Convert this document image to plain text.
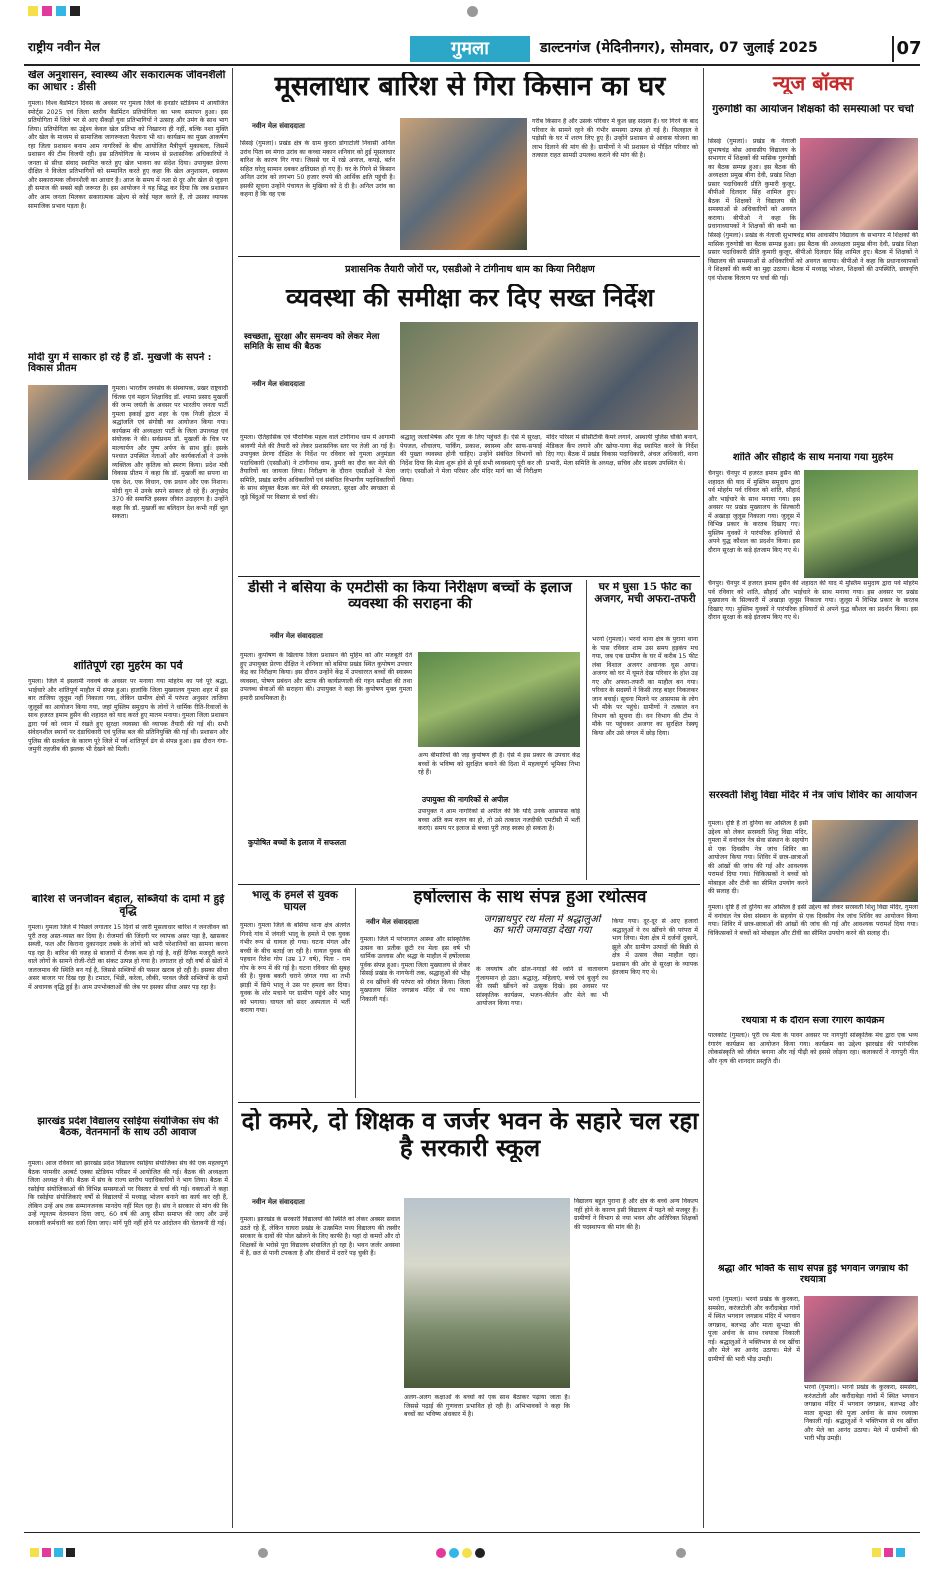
राष्ट्रीय नवीन मेल	गुमला	डाल्टनगंज (मेदिनीनगर), सोमवार, 07 जुलाई 2025	07
खेल अनुशासन, स्वास्थ्य और सकारात्मक जीवनशैली का आधार : डीसी
गुमला। विश्व बैडमिंटन दिवस के अवसर पर गुमला जिले के इनडोर स्टेडियम में आयोजित स्पोर्ट्स 2025 एवं जिला स्तरीय बैडमिंटन प्रतियोगिता का भव्य समापन हुआ। इस प्रतियोगिता में जिले भर से आए सैकड़ों युवा प्रतिभागियों ने उत्साह और उमंग के साथ भाग लिया। प्रतियोगिता का उद्देश्य केवल खेल प्रतिभा को निखारना ही नहीं, बल्कि नशा मुक्ति और खेल के माध्यम से सामाजिक जागरूकता फैलाना भी था। कार्यक्रम का मुख्य आकर्षण रहा जिला प्रशासन बनाम आम नागरिकों के बीच आयोजित मैत्रीपूर्ण मुकाबला, जिसमें प्रशासन की टीम विजयी रही। इस प्रतियोगिता के माध्यम से प्रशासनिक अधिकारियों ने जनता से सीधा संवाद स्थापित करते हुए खेल भावना का संदेश दिया। उपायुक्त प्रेरणा दीक्षित ने विजेता प्रतिभागियों को सम्मानित करते हुए कहा कि खेल अनुशासन, स्वास्थ्य और सकारात्मक जीवनशैली का आधार है। आज के समय में नशा से दूर और खेल से जुड़ना ही समाज की सबसे बड़ी जरूरत है। इस आयोजन ने यह सिद्ध कर दिया कि जब प्रशासन और आम जनता मिलकर सकारात्मक उद्देश्य से कोई पहल करते हैं, तो उसका व्यापक सामाजिक प्रभाव पड़ता है।
मोदी युग में साकार हो रहे हैं डॉ. मुखर्जी के सपने : विकास प्रीतम
गुमला। भारतीय जनसंघ के संस्थापक, प्रखर राष्ट्रवादी चिंतक एवं महान शिक्षाविद डॉ. श्यामा प्रसाद मुखर्जी की जन्म जयंती के अवसर पर भारतीय जनता पार्टी गुमला इकाई द्वारा शहर के एक निजी होटल में श्रद्धांजलि एवं संगोष्ठी का आयोजन किया गया। कार्यक्रम की अध्यक्षता पार्टी के जिला उपाध्यक्ष एवं संयोजक ने की। सर्वप्रथम डॉ. मुखर्जी के चित्र पर माल्यार्पण और पुष्प अर्पण के साथ हुई। इसके पश्चात उपस्थित नेताओं और कार्यकर्ताओं ने उनके व्यक्तित्व और कृतित्व को स्मरण किया। प्रदेश मंत्री विकास प्रीतम ने कहा कि डॉ. मुखर्जी का सपना था एक देश, एक विधान, एक प्रधान और एक निशान। मोदी युग में उनके सपने साकार हो रहे हैं। अनुच्छेद 370 की समाप्ति इसका जीवंत उदाहरण है। उन्होंने कहा कि डॉ. मुखर्जी का बलिदान देश कभी नहीं भूल सकता।
शांतिपूर्ण रहा मुहर्रम का पर्व
गुमला। जिले में इस्लामी नववर्ष के अवसर पर मनाया गया मोहर्रम का पर्व पूरे श्रद्धा, भाईचारे और शांतिपूर्ण माहौल में संपन्न हुआ। हालांकि जिला मुख्यालय गुमला शहर में इस बार ताजिया जुलूस नहीं निकाला गया, लेकिन ग्रामीण क्षेत्रों में परंपरा अनुसार ताजिया जुलूसों का आयोजन किया गया, जहां मुस्लिम समुदाय के लोगों ने धार्मिक रीति-रिवाजों के साथ हजरत इमाम हुसैन की शहादत को याद करते हुए मातम मनाया। गुमला जिला प्रशासन द्वारा पर्व को ध्यान में रखते हुए सुरक्षा व्यवस्था की व्यापक तैयारी की गई थी। सभी संवेदनशील स्थानों पर दंडाधिकारी एवं पुलिस बल की प्रतिनियुक्ति की गई थी। प्रशासन और पुलिस की सतर्कता के कारण पूरे जिले में पर्व शांतिपूर्ण ढंग से संपन्न हुआ। इस दौरान गंगा-जमुनी तहजीब की झलक भी देखने को मिली।
बारिश से जनजीवन बेहाल, सब्जियों के दामों में हुई वृद्धि
गुमला। गुमला जिले में पिछले लगातार 15 दिनों से जारी मूसलाधार बारिश ने जनजीवन को पूरी तरह अस्त-व्यस्त कर दिया है। रोजमर्रा की जिंदगी पर व्यापक असर पड़ा है, खासकर सब्जी, फल और किराना दुकानदार तबके के लोगों को भारी परेशानियों का सामना करना पड़ रहा है। बारिश की वजह से बाजारों में रौनक कम हो गई है, वहीं दैनिक मजदूरी करने वाले लोगों के सामने रोजी-रोटी का संकट उत्पन्न हो गया है। लगातार हो रही वर्षा से खेतों में जलजमाव की स्थिति बन गई है, जिससे सब्जियों की फसल खराब हो रही है। इसका सीधा असर बाजार पर दिख रहा है। टमाटर, भिंडी, करेला, लौकी, परवल जैसी सब्जियों के दामों में अचानक वृद्धि हुई है। आम उपभोक्ताओं की जेब पर इसका सीधा असर पड़ रहा है।
झारखंड प्रदेश विद्यालय रसोईया संयोजिका संघ की बैठक, वेतनमानों के साथ उठी आवाज
गुमला। आज रविवार को झारखंड प्रदेश विद्यालय रसोईया संयोजिका संघ की एक महत्वपूर्ण बैठक परमवीर अल्बर्ट एक्का स्टेडियम परिसर में आयोजित की गई। बैठक की अध्यक्षता जिला अध्यक्ष ने की। बैठक में संघ के राज्य स्तरीय पदाधिकारियों ने भाग लिया। बैठक में रसोईया संयोजिकाओं की विभिन्न समस्याओं पर विस्तार से चर्चा की गई। वक्ताओं ने कहा कि रसोईया संयोजिकाएं वर्षों से विद्यालयों में मध्याह्न भोजन बनाने का कार्य कर रही हैं, लेकिन उन्हें अब तक सम्मानजनक मानदेय नहीं मिल रहा है। संघ ने सरकार से मांग की कि उन्हें न्यूनतम वेतनमान दिया जाए, 60 वर्ष की आयु सीमा समाप्त की जाए और उन्हें सरकारी कर्मचारी का दर्जा दिया जाए। मांगें पूरी नहीं होने पर आंदोलन की चेतावनी दी गई।
मूसलाधार बारिश से गिरा किसान का घर
नवीन मेल संवाददाता
सिसई (गुमला)। प्रखंड क्षेत्र के ग्राम कुदरा डोंगाटोली निवासी अनिल उरांव पिता स्व मंगरा उरांव का कच्चा मकान शनिवार को हुई मूसलाधार बारिश के कारण गिर गया। जिससे घर में रखे अनाज, कपड़े, बर्तन सहित घरेलू सामान दबकर क्षतिग्रस्त हो गए हैं। घर के गिरने से किसान अनिल उरांव को लगभग 50 हजार रुपये की आर्थिक क्षति पहुंची है। इसकी सूचना उन्होंने पंचायत के मुखिया को दे दी है। अनिल उरांव का कहना है कि वह एक
गरीब किसान है और उसके परिवार में कुल छह सदस्य हैं। घर गिरने के बाद परिवार के सामने रहने की गंभीर समस्या उत्पन्न हो गई है। फिलहाल वे पड़ोसी के घर में शरण लिए हुए हैं। उन्होंने प्रशासन से आवास योजना का लाभ दिलाने की मांग की है। ग्रामीणों ने भी प्रशासन से पीड़ित परिवार को तत्काल राहत सामग्री उपलब्ध कराने की मांग की है।
प्रशासनिक तैयारी जोरों पर, एसडीओ ने टांगीनाथ धाम का किया निरीक्षण
व्यवस्था की समीक्षा कर दिए सख्त निर्देश
स्वच्छता, सुरक्षा और समन्वय को लेकर मेला समिति के साथ की बैठक
नवीन मेल संवाददाता
गुमला। ऐतिहासिक एवं पौराणिक महत्व वाले टांगीनाथ धाम में आगामी श्रावणी मेले की तैयारी को लेकर प्रशासनिक स्तर पर तेजी आ गई है। उपायुक्त प्रेरणा दीक्षित के निर्देश पर रविवार को गुमला अनुमंडल पदाधिकारी (एसडीओ) ने टांगीनाथ धाम, डुमरी का दौरा कर मेले की तैयारियों का जायजा लिया। निरीक्षण के दौरान एसडीओ ने मेला समिति, प्रखंड स्तरीय अधिकारियों एवं संबंधित विभागीय पदाधिकारियों के साथ संयुक्त बैठक कर मेले की सफलता, सुरक्षा और स्वच्छता से जुड़े बिंदुओं पर विस्तार से चर्चा की।
श्रद्धालु जलाभिषेक और पूजा के लिए पहुंचते हैं। ऐसे में सुरक्षा, पेयजल, शौचालय, पार्किंग, प्रकाश, स्वास्थ्य और साफ-सफाई की पुख्ता व्यवस्था होनी चाहिए। उन्होंने संबंधित विभागों को निर्देश दिया कि मेला शुरू होने से पूर्व सभी व्यवस्थाएं पूरी कर ली जाएं। एसडीओ ने मेला परिसर और मंदिर मार्ग का भी निरीक्षण किया।
मंदिर परिसर में सीसीटीवी कैमरे लगाने, अस्थायी पुलिस चौकी बनाने, मेडिकल कैंप लगाने और खोया-पाया केंद्र स्थापित करने के निर्देश दिए गए। बैठक में प्रखंड विकास पदाधिकारी, अंचल अधिकारी, थाना प्रभारी, मेला समिति के अध्यक्ष, सचिव और सदस्य उपस्थित थे।
डीसी ने बसिया के एमटीसी का किया निरीक्षण बच्चों के इलाज व्यवस्था की सराहना की
नवीन मेल संवाददाता
गुमला। कुपोषण के खिलाफ जिला प्रशासन की मुहिम को और मजबूती देते हुए उपायुक्त प्रेरणा दीक्षित ने शनिवार को बसिया प्रखंड स्थित कुपोषण उपचार केंद्र का निरीक्षण किया। इस दौरान उन्होंने केंद्र में उपचाररत बच्चों की स्वास्थ्य व्यवस्था, पोषण प्रबंधन और स्टाफ की कार्यप्रणाली की गहन समीक्षा की तथा उपलब्ध सेवाओं की सराहना की। उपायुक्त ने कहा कि कुपोषण मुक्त गुमला हमारी प्राथमिकता है।
अन्य बीमारियों की जड़ कुपोषण ही है। ऐसे में इस प्रकार के उपचार केंद्र बच्चों के भविष्य को सुरक्षित बनाने की दिशा में महत्वपूर्ण भूमिका निभा रहे हैं।
कुपोषित बच्चों के इलाज में सफलता
उपायुक्त की नागरिकों से अपील
उपायुक्त ने आम नागरिकों से अपील की कि यदि उनके आसपास कोई बच्चा अति कम वजन का हो, तो उसे तत्काल नजदीकी एमटीसी में भर्ती कराएं। समय पर इलाज से बच्चा पूरी तरह स्वस्थ हो सकता है।
घर में घुसा 15 फीट का अजगर, मची अफरा-तफरी
भरनो (गुमला)। भरनो थाना क्षेत्र के पुराना थाना के पास रविवार शाम उस समय हड़कंप मच गया, जब एक ग्रामीण के घर में करीब 15 फीट लंबा विशाल अजगर अचानक घुस आया। अजगर को घर में घूमते देख परिवार के होश उड़ गए और अफरा-तफरी का माहौल बन गया। परिवार के सदस्यों ने किसी तरह बाहर निकलकर जान बचाई। सूचना मिलने पर आसपास के लोग भी मौके पर पहुंचे। ग्रामीणों ने तत्काल वन विभाग को सूचना दी। वन विभाग की टीम ने मौके पर पहुंचकर अजगर का सुरक्षित रेस्क्यू किया और उसे जंगल में छोड़ दिया।
भालू के हमले से युवक घायल
गुमला। गुमला जिले के बसिया थाना क्षेत्र अंतर्गत गिनदे गांव में जंगली भालू के हमले में एक युवक गंभीर रूप से घायल हो गया। घटना मंगल और बच्ची के बीच बताई जा रही है। घायल युवक की पहचान रितेश गोप (उम्र 17 वर्ष), पिता - राम गोप के रूप में की गई है। घटना रविवार की सुबह की है। युवक बकरी चराने जंगल गया था तभी झाड़ी में छिपे भालू ने उस पर हमला कर दिया। युवक के शोर मचाने पर ग्रामीण पहुंचे और भालू को भगाया। घायल को सदर अस्पताल में भर्ती कराया गया।
हर्षोल्लास के साथ संपन्न हुआ रथोत्सव
नवीन मेल संवाददाता	जगन्नाथपुर रथ मेला में श्रद्धालुओं का भारी जमावड़ा देखा गया
गुमला। जिले में परंपरागत आस्था और सांस्कृतिक उत्सव का प्रतीक छूटी रथ मेला इस वर्ष भी धार्मिक उल्लास और श्रद्धा के माहौल में हर्षोल्लास पूर्वक संपन्न हुआ। गुमला जिला मुख्यालय से लेकर सिसई प्रखंड के नागफेनी तक, श्रद्धालुओं की भीड़ से रथ खींचने की परंपरा को जीवंत किया। जिला मुख्यालय स्थित जगन्नाथ मंदिर से रथ यात्रा निकाली गई।
के जयघोष और ढोल-नगाड़ों की ध्वनि से वातावरण गुंजायमान हो उठा। श्रद्धालु, महिलाएं, बच्चे एवं बुजुर्ग रथ की रस्सी खींचने को उत्सुक दिखे। इस अवसर पर सांस्कृतिक कार्यक्रम, भजन-कीर्तन और मेले का भी आयोजन किया गया।
किया गया। दूर-दूर से आए हजारों श्रद्धालुओं ने रथ खींचने की परंपरा में भाग लिया। मेला क्षेत्र में दर्जनों दुकानें, झूले और ग्रामीण उत्पादों की बिक्री से क्षेत्र में उत्सव जैसा माहौल रहा। प्रशासन की ओर से सुरक्षा के व्यापक इंतजाम किए गए थे।
दो कमरे, दो शिक्षक व जर्जर भवन के सहारे चल रहा है सरकारी स्कूल
नवीन मेल संवाददाता
गुमला। झारखंड के सरकारी विद्यालयों की स्थिति को लेकर अक्सर सवाल उठते रहे हैं, लेकिन घाघरा प्रखंड के उत्क्रमित मध्य विद्यालय की तस्वीर सरकार के दावों की पोल खोलने के लिए काफी है। यहां दो कमरों और दो शिक्षकों के भरोसे पूरा विद्यालय संचालित हो रहा है। भवन जर्जर अवस्था में है, छत से पानी टपकता है और दीवारों में दरारें पड़ चुकी हैं।
अलग-अलग कक्षाओं के बच्चों को एक साथ बैठाकर पढ़ाया जाता है। जिससे पढ़ाई की गुणवत्ता प्रभावित हो रही है। अभिभावकों ने कहा कि बच्चों का भविष्य अंधकार में है।
विद्यालय बहुत पुराना है और क्षेत्र के बच्चे अन्य विकल्प नहीं होने के कारण इसी विद्यालय में पढ़ने को मजबूर हैं। ग्रामीणों ने विभाग से नया भवन और अतिरिक्त शिक्षकों की पदस्थापना की मांग की है।
न्यूज बॉक्स
गुरुगोष्ठी का आयोजन शिक्षकों की समस्याओं पर चर्चा
सिसई (गुमला)। प्रखंड के नेताजी सुभाषचंद्र बोस आवासीय विद्यालय के सभागार में शिक्षकों की मासिक गुरुगोष्ठी का बैठक सम्पन्न हुआ। इस बैठक की अध्यक्षता प्रमुख बीना देवी, प्रखंड शिक्षा प्रसार पदाधिकारी प्रीति कुमारी कुजूर, बीपीओ दिलदार सिंह शामिल हुए। बैठक में शिक्षकों ने विद्यालय की समस्याओं से अधिकारियों को अवगत कराया। बीपीओ ने कहा कि प्रधानाध्यापकों ने शिक्षकों की कमी का
सिसई (गुमला)। प्रखंड के नेताजी सुभाषचंद्र बोस आवासीय विद्यालय के सभागार में शिक्षकों की मासिक गुरुगोष्ठी का बैठक सम्पन्न हुआ। इस बैठक की अध्यक्षता प्रमुख बीना देवी, प्रखंड शिक्षा प्रसार पदाधिकारी प्रीति कुमारी कुजूर, बीपीओ दिलदार सिंह शामिल हुए। बैठक में शिक्षकों ने विद्यालय की समस्याओं से अधिकारियों को अवगत कराया। बीपीओ ने कहा कि प्रधानाध्यापकों ने शिक्षकों की कमी का मुद्दा उठाया। बैठक में मध्याह्न भोजन, शिक्षकों की उपस्थिति, छात्रवृत्ति एवं पोशाक वितरण पर चर्चा की गई।
शांति और सौहार्द के साथ मनाया गया मुहर्रम
चैनपुर। चैनपुर में हजरत इमाम हुसैन की शहादत की याद में मुस्लिम समुदाय द्वारा पर्व मोहर्रम पर्व रविवार को शांति, सौहार्द और भाईचारे के साथ मनाया गया। इस अवसर पर प्रखंड मुख्यालय के सिल्कारी में अखाड़ा जुलूस निकाला गया। जुलूस में विभिन्न प्रकार के करतब दिखाए गए। मुस्लिम युवकों ने पारंपरिक हथियारों से अपने युद्ध कौशल का प्रदर्शन किया। इस दौरान सुरक्षा के कड़े इंतजाम किए गए थे।
चैनपुर। चैनपुर में हजरत इमाम हुसैन की शहादत की याद में मुस्लिम समुदाय द्वारा पर्व मोहर्रम पर्व रविवार को शांति, सौहार्द और भाईचारे के साथ मनाया गया। इस अवसर पर प्रखंड मुख्यालय के सिल्कारी में अखाड़ा जुलूस निकाला गया। जुलूस में विभिन्न प्रकार के करतब दिखाए गए। मुस्लिम युवकों ने पारंपरिक हथियारों से अपने युद्ध कौशल का प्रदर्शन किया। इस दौरान सुरक्षा के कड़े इंतजाम किए गए थे।
सरस्वती शिशु विद्या मंदिर में नेत्र जांच शिविर का आयोजन
गुमला। दृष्टि है तो दुनिया का अस्तित्व है इसी उद्देश्य को लेकर सरस्वती शिशु विद्या मंदिर, गुमला में वनांचल नेत्र सेवा संस्थान के सहयोग से एक दिवसीय नेत्र जांच शिविर का आयोजन किया गया। शिविर में छात्र-छात्राओं की आंखों की जांच की गई और आवश्यक परामर्श दिया गया। चिकित्सकों ने बच्चों को मोबाइल और टीवी का सीमित उपयोग करने की सलाह दी।
गुमला। दृष्टि है तो दुनिया का अस्तित्व है इसी उद्देश्य को लेकर सरस्वती शिशु विद्या मंदिर, गुमला में वनांचल नेत्र सेवा संस्थान के सहयोग से एक दिवसीय नेत्र जांच शिविर का आयोजन किया गया। शिविर में छात्र-छात्राओं की आंखों की जांच की गई और आवश्यक परामर्श दिया गया। चिकित्सकों ने बच्चों को मोबाइल और टीवी का सीमित उपयोग करने की सलाह दी।
रथयात्रा में के दौरान सजा रंगारंग कार्यक्रम
पालकोट (गुमला)। पूरी रथ मेला के पावन अवसर पर नागपुरी सांस्कृतिक मंच द्वारा एक भव्य रंगारंग कार्यक्रम का आयोजन किया गया। कार्यक्रम का उद्देश्य झारखंड की पारंपरिक लोकसंस्कृति को जीवंत बनाना और नई पीढ़ी को इससे जोड़ना रहा। कलाकारों ने नागपुरी गीत और नृत्य की शानदार प्रस्तुति दी।
श्रद्धा और भक्ति के साथ संपन्न हुई भगवान जगन्नाथ की रथयात्रा
भरनो (गुमला)। भरनो प्रखंड के कुरकरा, समसेरा, करंजटोली और करौंदाबेड़ा गांवों में स्थित भगवान जगन्नाथ मंदिर में भगवान जगन्नाथ, बलभद्र और माता सुभद्रा की पूजा अर्चना के साथ रथयात्रा निकाली गई। श्रद्धालुओं ने भक्तिभाव से रथ खींचा और मेले का आनंद उठाया। मेले में ग्रामीणों की भारी भीड़ उमड़ी।
भरनो (गुमला)। भरनो प्रखंड के कुरकरा, समसेरा, करंजटोली और करौंदाबेड़ा गांवों में स्थित भगवान जगन्नाथ मंदिर में भगवान जगन्नाथ, बलभद्र और माता सुभद्रा की पूजा अर्चना के साथ रथयात्रा निकाली गई। श्रद्धालुओं ने भक्तिभाव से रथ खींचा और मेले का आनंद उठाया। मेले में ग्रामीणों की भारी भीड़ उमड़ी।
